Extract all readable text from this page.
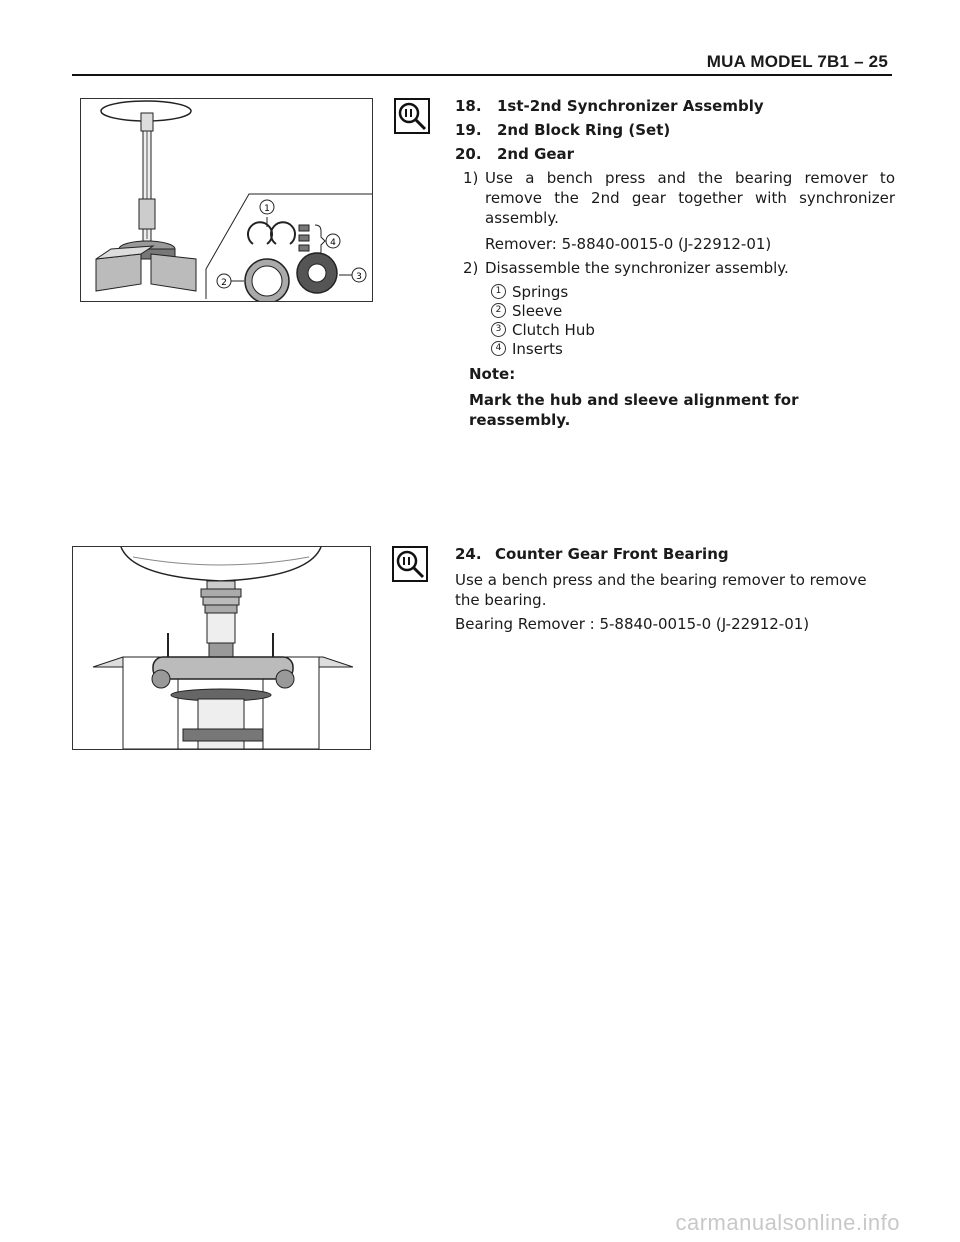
MUA MODEL 7B1 – 25
1
2
3
4
18.	1st-2nd Synchronizer Assembly
19.	2nd Block Ring (Set)
20.	2nd Gear
1) Use a bench press and the bearing remover to remove the 2nd gear together with synchronizer assembly.
Remover: 5-8840-0015-0 (J-22912-01)
2) Disassemble the synchronizer assembly.
1 Springs
2 Sleeve
3 Clutch Hub
4 Inserts
Note:
Mark the hub and sleeve alignment for reassembly.
24. Counter Gear Front Bearing
Use a bench press and the bearing remover to remove the bearing.
Bearing Remover : 5-8840-0015-0 (J-22912-01)
carmanualsonline.info
